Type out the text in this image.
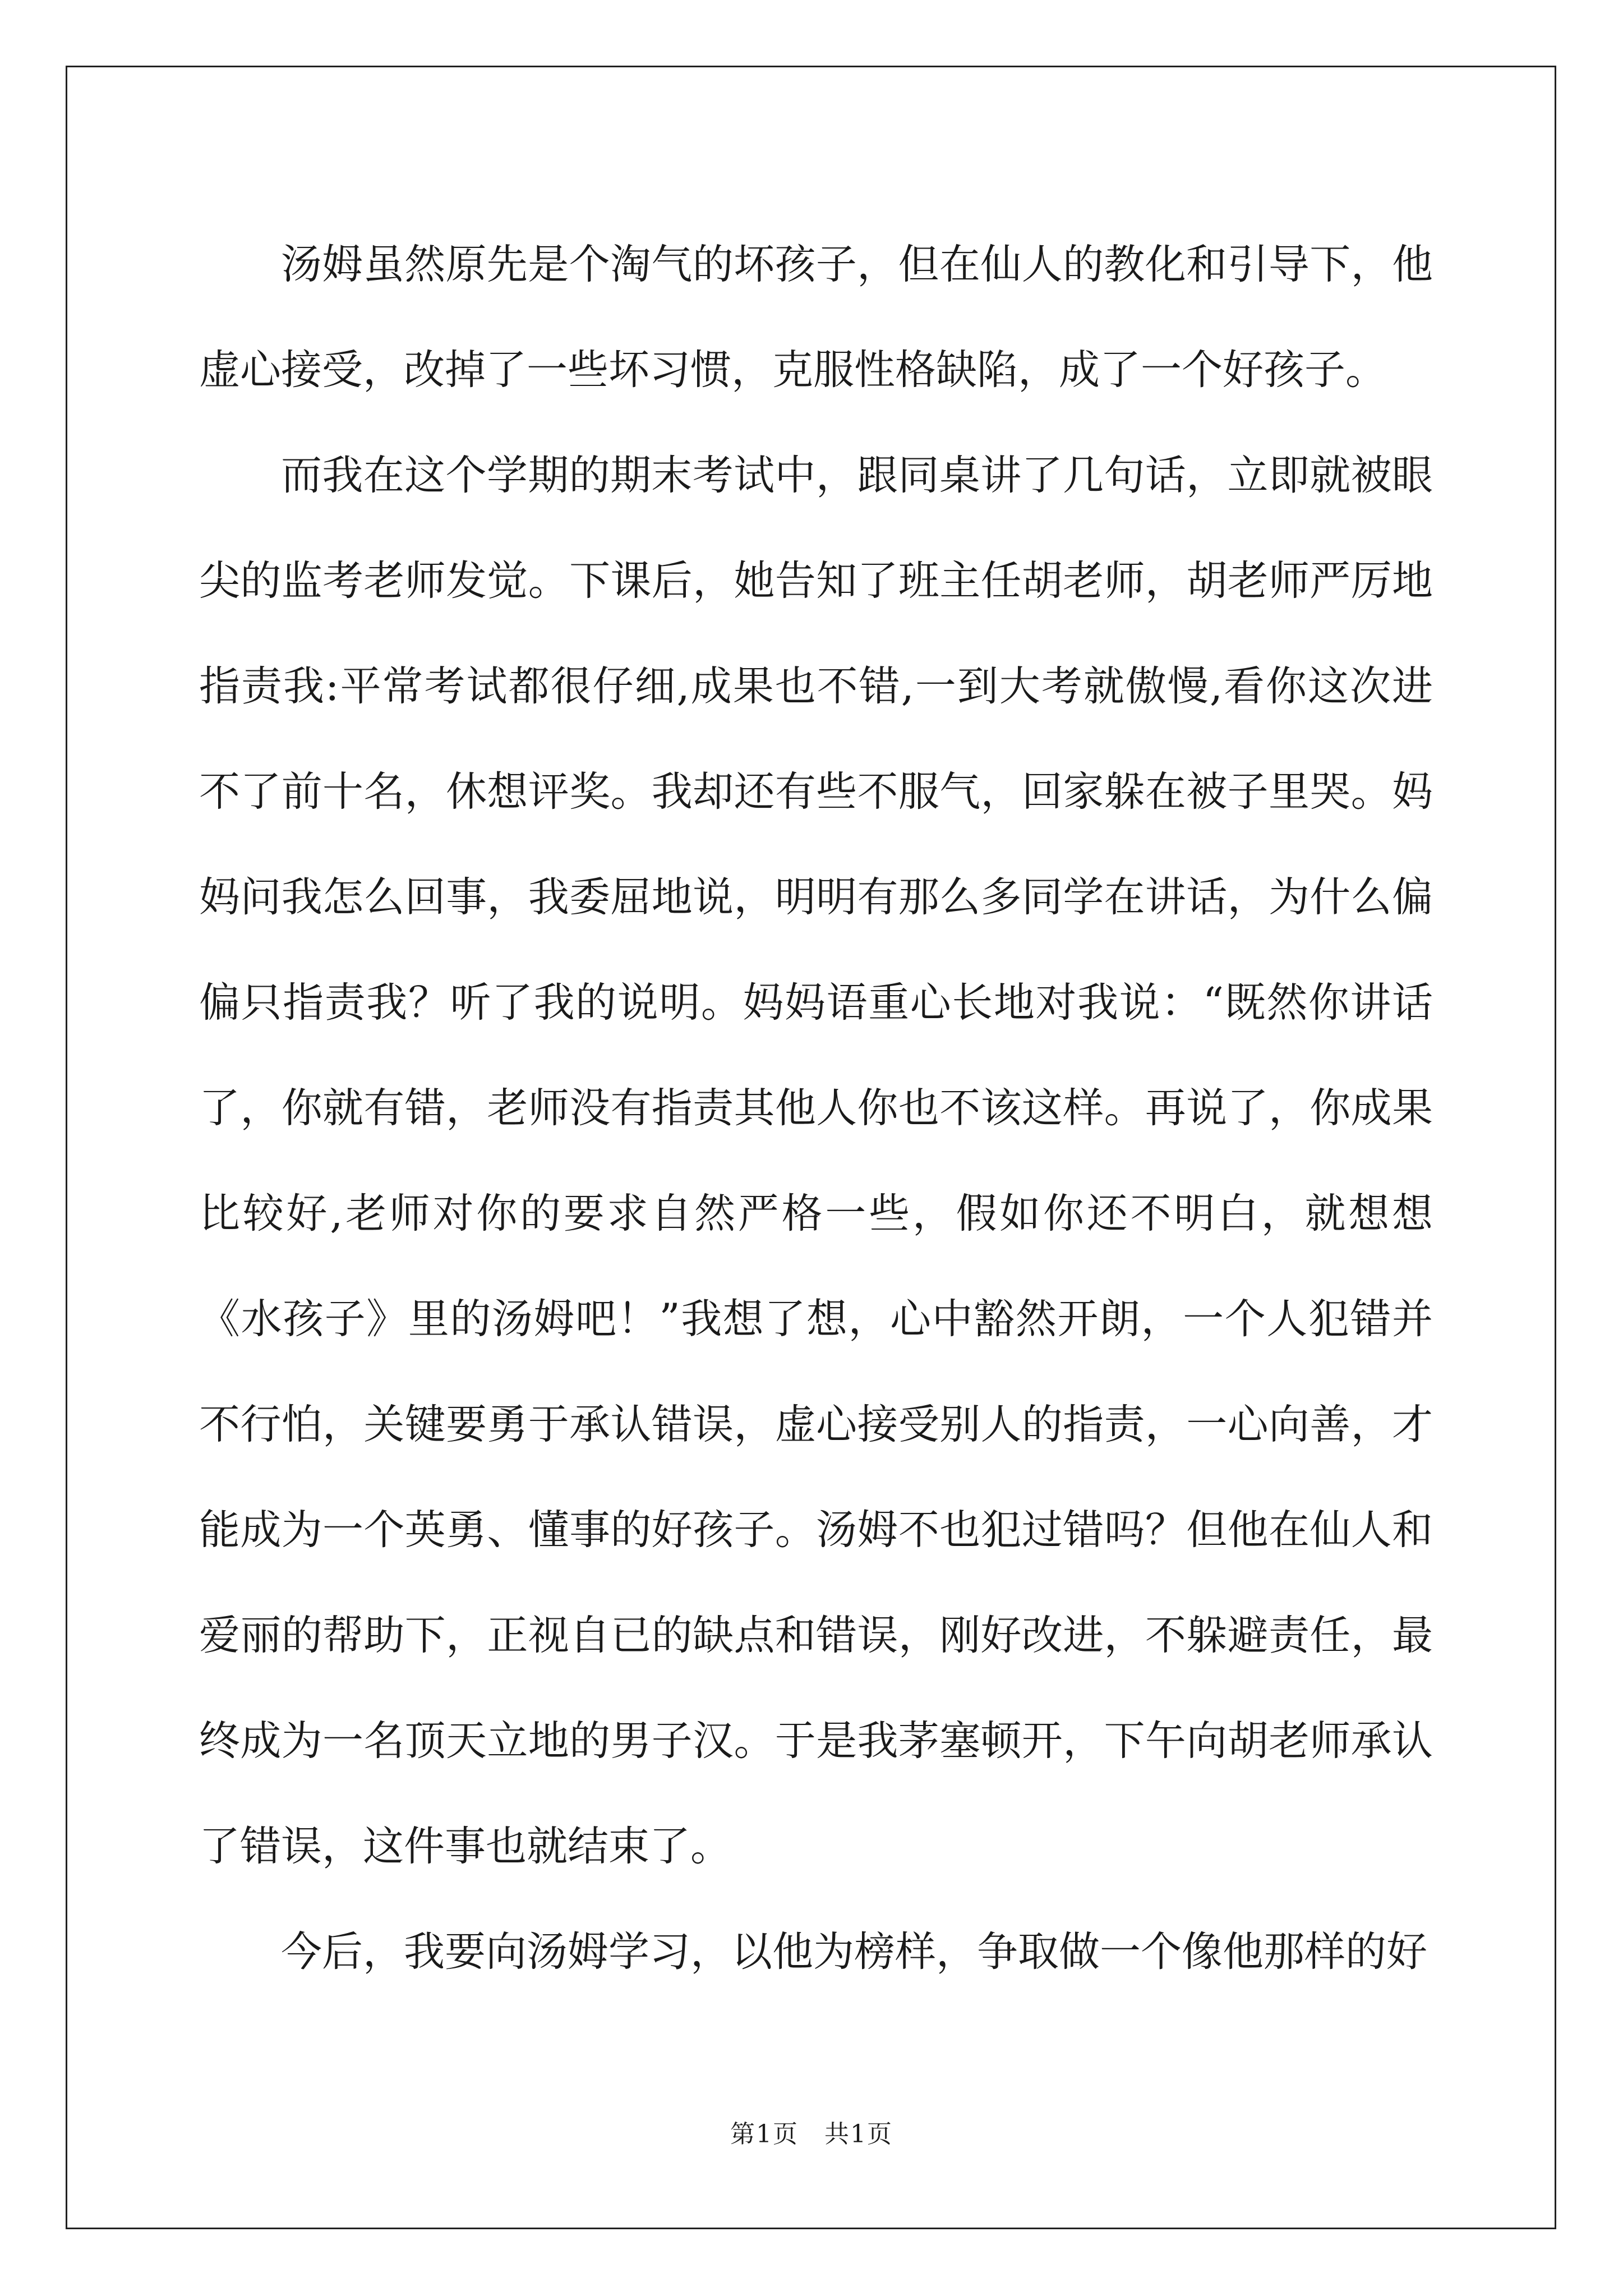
汤姆虽然原先是个淘气的坏孩子，但在仙人的教化和引导下，他虚心接受，改掉了一些坏习惯，克服性格缺陷，成了一个好孩子。

而我在这个学期的期末考试中，跟同桌讲了几句话，立即就被眼尖的监考老师发觉。下课后，她告知了班主任胡老师，胡老师严厉地指责我:平常考试都很仔细,成果也不错,一到大考就傲慢,看你这次进不了前十名，休想评奖。我却还有些不服气，回家躲在被子里哭。妈妈问我怎么回事，我委屈地说，明明有那么多同学在讲话，为什么偏偏只指责我？听了我的说明。妈妈语重心长地对我说：“既然你讲话了，你就有错，老师没有指责其他人你也不该这样。再说了，你成果比较好,老师对你的要求自然严格一些，假如你还不明白，就想想《水孩子》里的汤姆吧！”我想了想，心中豁然开朗，一个人犯错并不行怕，关键要勇于承认错误，虚心接受别人的指责，一心向善，才能成为一个英勇、懂事的好孩子。汤姆不也犯过错吗？但他在仙人和爱丽的帮助下，正视自已的缺点和错误，刚好改进，不躲避责任，最终成为一名顶天立地的男子汉。于是我茅塞顿开，下午向胡老师承认了错误，这件事也就结束了。

今后，我要向汤姆学习，以他为榜样，争取做一个像他那样的好

第1页　共1页
